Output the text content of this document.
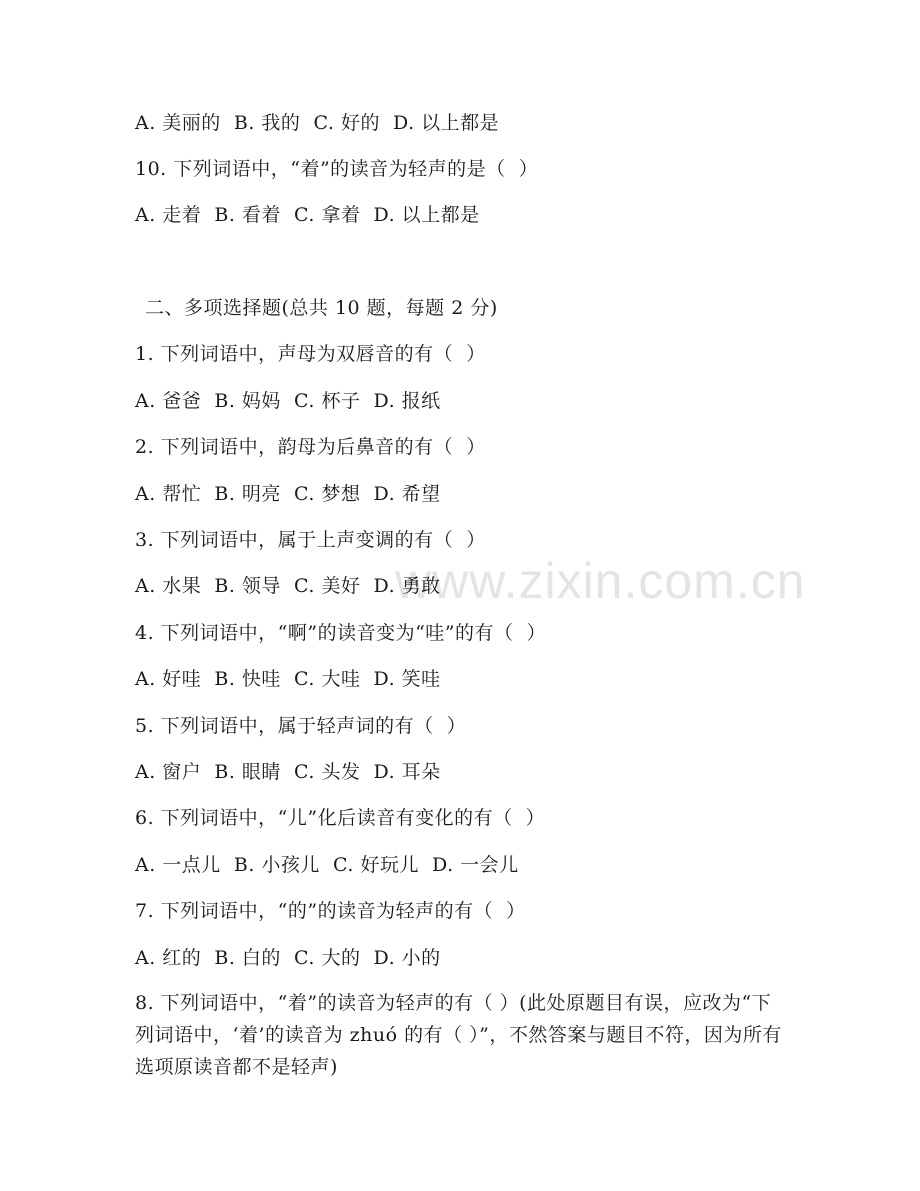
www.zixin.com.cn
A. 美丽的  B. 我的  C. 好的  D. 以上都是
10. 下列词语中，“着”的读音为轻声的是（  ）
A. 走着  B. 看着  C. 拿着  D. 以上都是
二、多项选择题(总共 10 题，每题 2 分)
1. 下列词语中，声母为双唇音的有（  ）
A. 爸爸  B. 妈妈  C. 杯子  D. 报纸
2. 下列词语中，韵母为后鼻音的有（  ）
A. 帮忙  B. 明亮  C. 梦想  D. 希望
3. 下列词语中，属于上声变调的有（  ）
A. 水果  B. 领导  C. 美好  D. 勇敢
4. 下列词语中，“啊”的读音变为“哇”的有（  ）
A. 好哇  B. 快哇  C. 大哇  D. 笑哇
5. 下列词语中，属于轻声词的有（  ）
A. 窗户  B. 眼睛  C. 头发  D. 耳朵
6. 下列词语中，“儿”化后读音有变化的有（  ）
A. 一点儿  B. 小孩儿  C. 好玩儿  D. 一会儿
7. 下列词语中，“的”的读音为轻声的有（  ）
A. 红的  B. 白的  C. 大的  D. 小的
8. 下列词语中，“着”的读音为轻声的有（ ）(此处原题目有误，应改为“下列词语中，‘着’的读音为 zhuó 的有（ ）”，不然答案与题目不符，因为所有选项原读音都不是轻声)
